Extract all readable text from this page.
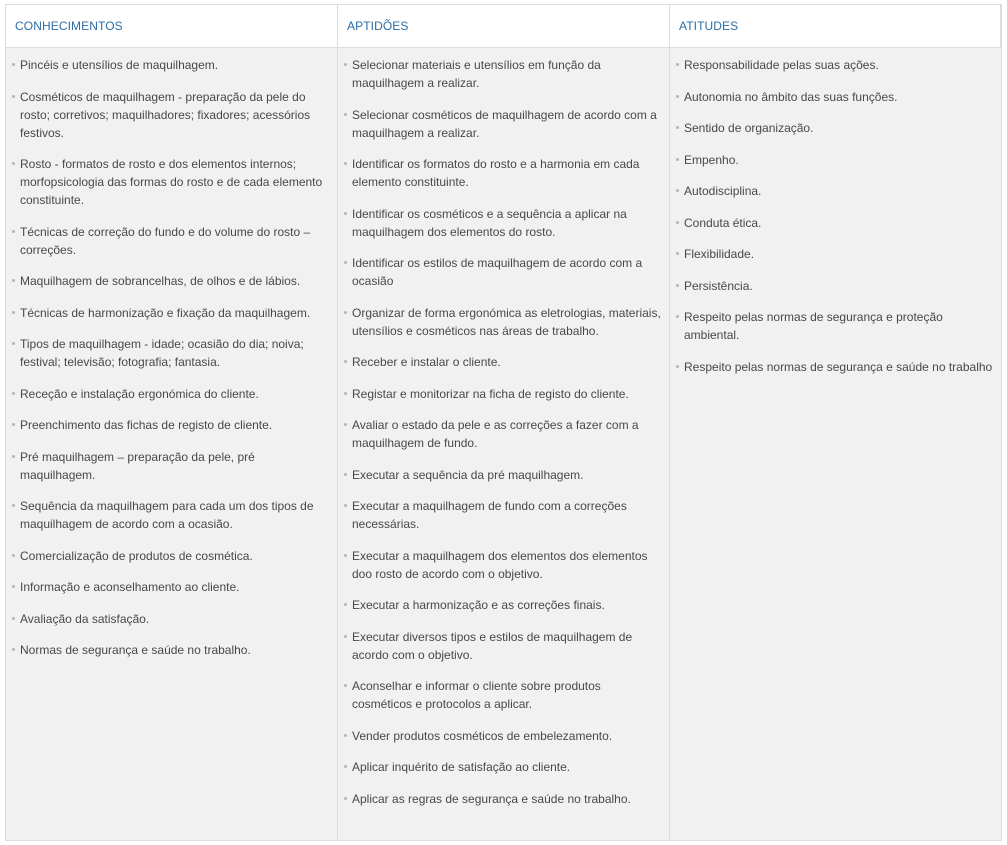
CONHECIMENTOS	APTIDÕES	ATITUDES
Pincéis e utensílios de maquilhagem.
Cosméticos de maquilhagem - preparação da pele do rosto; corretivos; maquilhadores; fixadores; acessórios festivos.
Rosto - formatos de rosto e dos elementos internos; morfopsicologia das formas do rosto e de cada elemento constituinte.
Técnicas de correção do fundo e do volume do rosto – correções.
Maquilhagem de sobrancelhas, de olhos e de lábios.
Técnicas de harmonização e fixação da maquilhagem.
Tipos de maquilhagem - idade; ocasião do dia; noiva; festival; televisão; fotografia; fantasia.
Receção e instalação ergonómica do cliente.
Preenchimento das fichas de registo de cliente.
Pré maquilhagem – preparação da pele, pré maquilhagem.
Sequência da maquilhagem para cada um dos tipos de maquilhagem de acordo com a ocasião.
Comercialização de produtos de cosmética.
Informação e aconselhamento ao cliente.
Avaliação da satisfação.
Normas de segurança e saúde no trabalho.
Selecionar materiais e utensílios em função da maquilhagem a realizar.
Selecionar cosméticos de maquilhagem de acordo com a maquilhagem a realizar.
Identificar os formatos do rosto e a harmonia em cada elemento constituinte.
Identificar os cosméticos e a sequência a aplicar na maquilhagem dos elementos do rosto.
Identificar os estilos de maquilhagem de acordo com a ocasião
Organizar de forma ergonómica as eletrologias, materiais, utensílios e cosméticos nas áreas de trabalho.
Receber e instalar o cliente.
Registar e monitorizar na ficha de registo do cliente.
Avaliar o estado da pele e as correções a fazer com a maquilhagem de fundo.
Executar a sequência da pré maquilhagem.
Executar a maquilhagem de fundo com a correções necessárias.
Executar a maquilhagem dos elementos dos elementos doo rosto de acordo com o objetivo.
Executar a harmonização e as correções finais.
Executar diversos tipos e estilos de maquilhagem de acordo com o objetivo.
Aconselhar e informar o cliente sobre produtos cosméticos e protocolos a aplicar.
Vender produtos cosméticos de embelezamento.
Aplicar inquérito de satisfação ao cliente.
Aplicar as regras de segurança e saúde no trabalho.
Responsabilidade pelas suas ações.
Autonomia no âmbito das suas funções.
Sentido de organização.
Empenho.
Autodisciplina.
Conduta ética.
Flexibilidade.
Persistência.
Respeito pelas normas de segurança e proteção ambiental.
Respeito pelas normas de segurança e saúde no trabalho
